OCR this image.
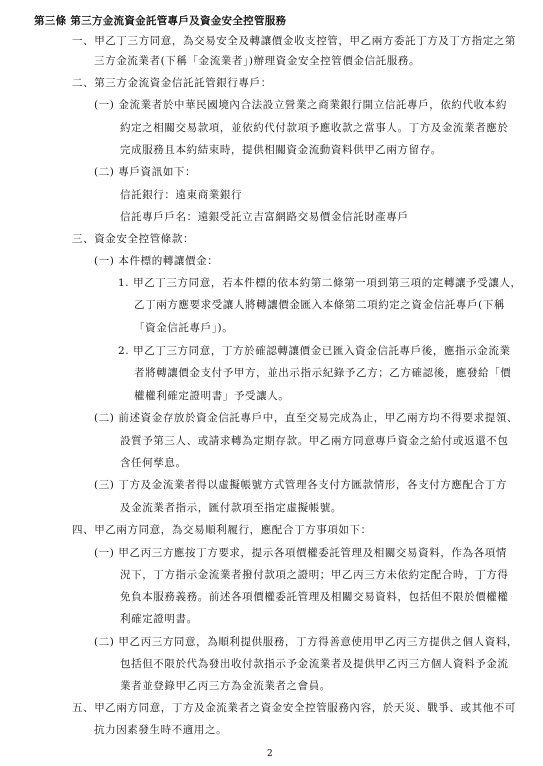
第三條 第三方金流資金託管專戶及資金安全控管服務
一、甲乙丁三方同意，為交易安全及轉讓價金收支控管，甲乙兩方委託丁方及丁方指定之第
三方金流業者(下稱「金流業者」)辦理資金安全控管價金信託服務。
二、第三方金流資金信託託管銀行專戶：
(一) 金流業者於中華民國境內合法設立營業之商業銀行開立信託專戶，依約代收本約
約定之相關交易款項，並依約代付款項予應收款之當事人。丁方及金流業者應於
完成服務且本約結束時，提供相關資金流動資料供甲乙兩方留存。
(二) 專戶資訊如下：
信託銀行：遠東商業銀行
信託專戶戶名：遠銀受託立吉富網路交易價金信託財產專戶
三、資金安全控管條款：
(一) 本件標的轉讓價金：
1. 甲乙丁三方同意，若本件標的依本約第二條第一項到第三項的定轉讓予受讓人，
乙丁兩方應要求受讓人將轉讓價金匯入本條第二項約定之資金信託專戶(下稱
「資金信託專戶」)。
2. 甲乙丁三方同意，丁方於確認轉讓價金已匯入資金信託專戶後，應指示金流業
者將轉讓價金支付予甲方，並出示指示紀錄予乙方；乙方確認後，應發給「價
權權利確定證明書」予受讓人。
(二) 前述資金存放於資金信託專戶中，直至交易完成為止，甲乙兩方均不得要求提領、
設質予第三人、或請求轉為定期存款。甲乙兩方同意專戶資金之給付或返還不包
含任何孳息。
(三) 丁方及金流業者得以虛擬帳號方式管理各支付方匯款情形，各支付方應配合丁方
及金流業者指示，匯付款項至指定虛擬帳號。
四、甲乙兩方同意，為交易順利履行，應配合丁方事項如下：
(一) 甲乙丙三方應按丁方要求，提示各項價權委託管理及相關交易資料，作為各項情
況下，丁方指示金流業者撥付款項之證明；甲乙丙三方未依約定配合時，丁方得
免負本服務義務。前述各項價權委託管理及相關交易資料，包括但不限於價權權
利確定證明書。
(二) 甲乙丙三方同意，為順利提供服務，丁方得善意使用甲乙丙三方提供之個人資料，
包括但不限於代為發出收付款指示予金流業者及提供甲乙丙三方個人資料予金流
業者並登錄甲乙丙三方為金流業者之會員。
五、甲乙兩方同意，丁方及金流業者之資金安全控管服務內容，於天災、戰爭、或其他不可
抗力因素發生時不適用之。
2
